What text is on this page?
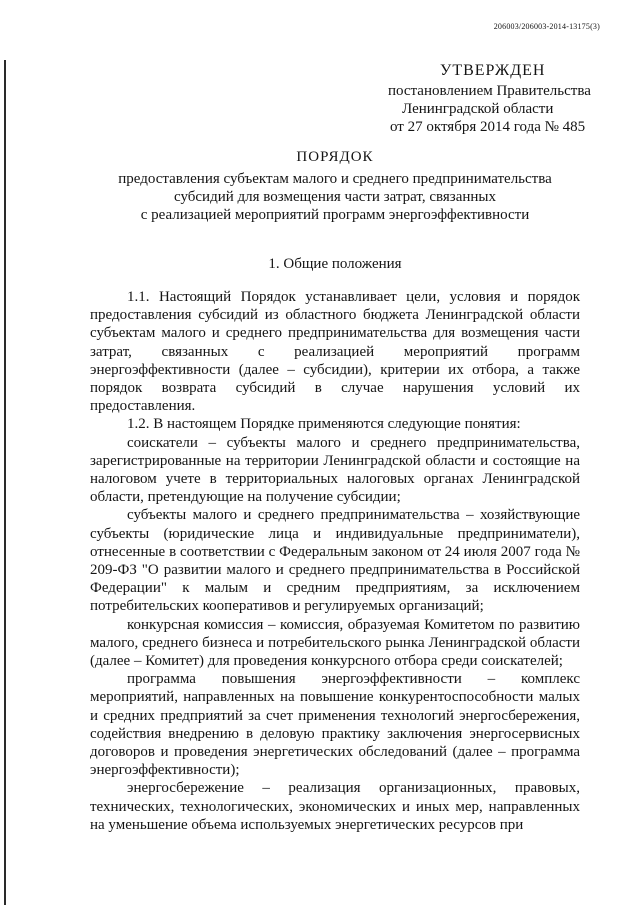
206003/206003-2014-13175(3)
УТВЕРЖДЕН
постановлением Правительства
Ленинградской области
от 27 октября 2014 года № 485
ПОРЯДОК
предоставления субъектам малого и среднего предпринимательства
субсидий для возмещения части затрат, связанных
с реализацией мероприятий программ энергоэффективности
1. Общие положения

1.1. Настоящий Порядок устанавливает цели, условия и порядок предоставления субсидий из областного бюджета Ленинградской области субъектам малого и среднего предпринимательства для возмещения части затрат, связанных с реализацией мероприятий программ энергоэффективности (далее – субсидии), критерии их отбора, а также порядок возврата субсидий в случае нарушения условий их предоставления.

1.2. В настоящем Порядке применяются следующие понятия:

соискатели – субъекты малого и среднего предпринимательства, зарегистрированные на территории Ленинградской области и состоящие на налоговом учете в территориальных налоговых органах Ленинградской области, претендующие на получение субсидии;

субъекты малого и среднего предпринимательства – хозяйствующие субъекты (юридические лица и индивидуальные предприниматели), отнесенные в соответствии с Федеральным законом от 24 июля 2007 года № 209-ФЗ "О развитии малого и среднего предпринимательства в Российской Федерации" к малым и средним предприятиям, за исключением потребительских кооперативов и регулируемых организаций;

конкурсная комиссия – комиссия, образуемая Комитетом по развитию малого, среднего бизнеса и потребительского рынка Ленинградской области (далее – Комитет) для проведения конкурсного отбора среди соискателей;

программа повышения энергоэффективности – комплекс мероприятий, направленных на повышение конкурентоспособности малых и средних предприятий за счет применения технологий энергосбережения, содействия внедрению в деловую практику заключения энергосервисных договоров и проведения энергетических обследований (далее – программа энергоэффективности);

энергосбережение – реализация организационных, правовых, технических, технологических, экономических и иных мер, направленных на уменьшение объема используемых энергетических ресурсов при
